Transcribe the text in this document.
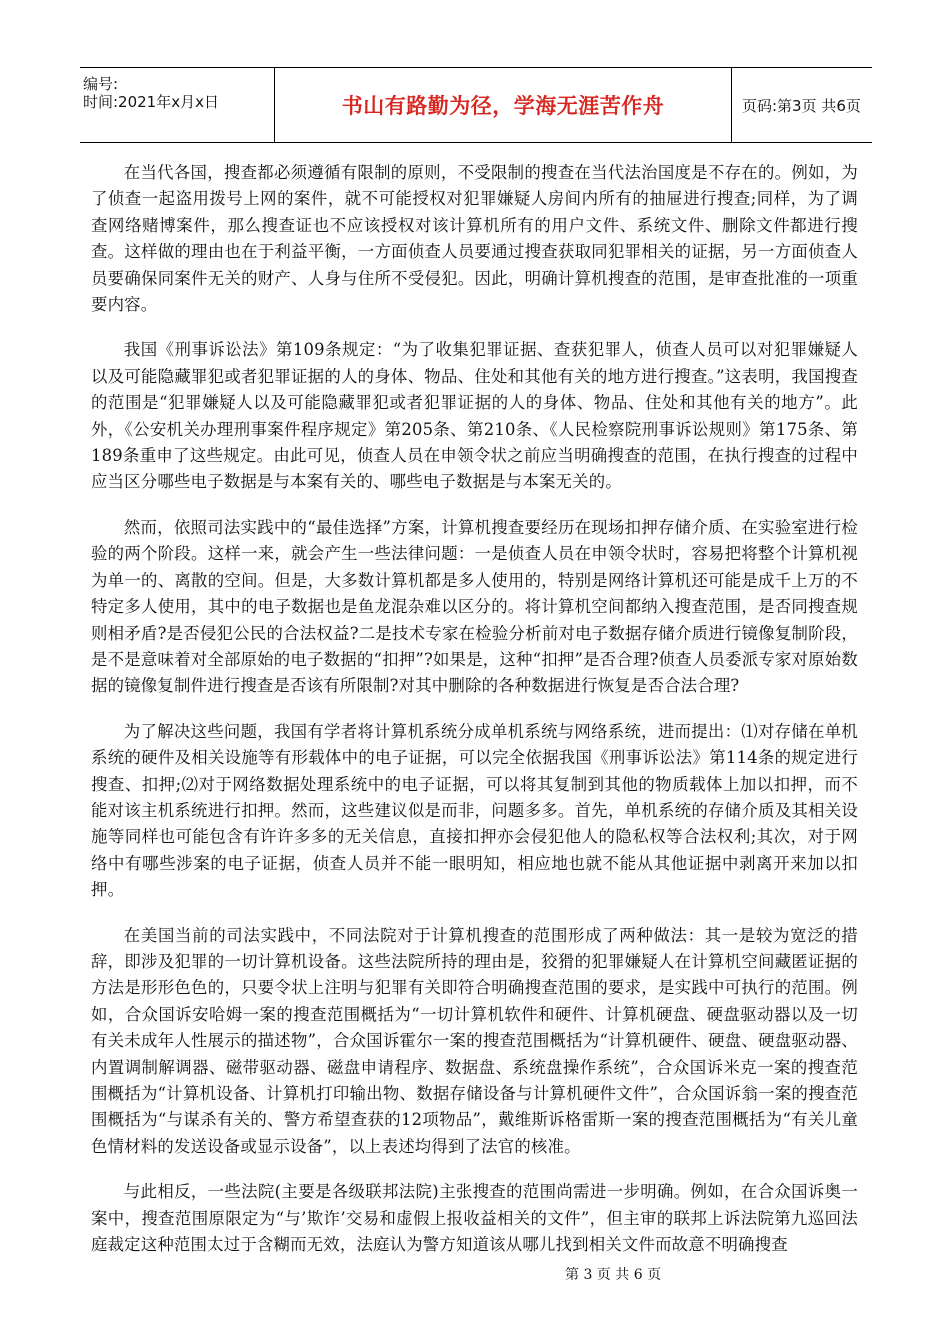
编号:
时间:2021年x月x日	书山有路勤为径，学海无涯苦作舟	页码:第3页 共6页

在当代各国，搜查都必须遵循有限制的原则，不受限制的搜查在当代法治国度是不存在的。例如，为了侦查一起盗用拨号上网的案件，就不可能授权对犯罪嫌疑人房间内所有的抽屉进行搜查;同样，为了调查网络赌博案件，那么搜查证也不应该授权对该计算机所有的用户文件、系统文件、删除文件都进行搜查。这样做的理由也在于利益平衡，一方面侦查人员要通过搜查获取同犯罪相关的证据，另一方面侦查人员要确保同案件无关的财产、人身与住所不受侵犯。因此，明确计算机搜查的范围，是审查批准的一项重要内容。

我国《刑事诉讼法》第109条规定：“为了收集犯罪证据、查获犯罪人，侦查人员可以对犯罪嫌疑人以及可能隐藏罪犯或者犯罪证据的人的身体、物品、住处和其他有关的地方进行搜查。”这表明，我国搜查的范围是“犯罪嫌疑人以及可能隐藏罪犯或者犯罪证据的人的身体、物品、住处和其他有关的地方”。此外，《公安机关办理刑事案件程序规定》第205条、第210条、《人民检察院刑事诉讼规则》第175条、第189条重申了这些规定。由此可见，侦查人员在申领令状之前应当明确搜查的范围，在执行搜查的过程中应当区分哪些电子数据是与本案有关的、哪些电子数据是与本案无关的。

然而，依照司法实践中的“最佳选择”方案，计算机搜查要经历在现场扣押存储介质、在实验室进行检验的两个阶段。这样一来，就会产生一些法律问题：一是侦查人员在申领令状时，容易把将整个计算机视为单一的、离散的空间。但是，大多数计算机都是多人使用的，特别是网络计算机还可能是成千上万的不特定多人使用，其中的电子数据也是鱼龙混杂难以区分的。将计算机空间都纳入搜查范围，是否同搜查规则相矛盾?是否侵犯公民的合法权益?二是技术专家在检验分析前对电子数据存储介质进行镜像复制阶段，是不是意味着对全部原始的电子数据的“扣押”?如果是，这种“扣押”是否合理?侦查人员委派专家对原始数据的镜像复制件进行搜查是否该有所限制?对其中删除的各种数据进行恢复是否合法合理?

为了解决这些问题，我国有学者将计算机系统分成单机系统与网络系统，进而提出：⑴对存储在单机系统的硬件及相关设施等有形载体中的电子证据，可以完全依据我国《刑事诉讼法》第114条的规定进行搜查、扣押;⑵对于网络数据处理系统中的电子证据，可以将其复制到其他的物质载体上加以扣押，而不能对该主机系统进行扣押。然而，这些建议似是而非，问题多多。首先，单机系统的存储介质及其相关设施等同样也可能包含有许许多多的无关信息，直接扣押亦会侵犯他人的隐私权等合法权利;其次，对于网络中有哪些涉案的电子证据，侦查人员并不能一眼明知，相应地也就不能从其他证据中剥离开来加以扣押。

在美国当前的司法实践中，不同法院对于计算机搜查的范围形成了两种做法：其一是较为宽泛的措辞，即涉及犯罪的一切计算机设备。这些法院所持的理由是，狡猾的犯罪嫌疑人在计算机空间藏匿证据的方法是形形色色的，只要令状上注明与犯罪有关即符合明确搜查范围的要求，是实践中可执行的范围。例如，合众国诉安哈姆一案的搜查范围概括为“一切计算机软件和硬件、计算机硬盘、硬盘驱动器以及一切有关未成年人性展示的描述物”，合众国诉霍尔一案的搜查范围概括为“计算机硬件、硬盘、硬盘驱动器、内置调制解调器、磁带驱动器、磁盘申请程序、数据盘、系统盘操作系统”，合众国诉米克一案的搜查范围概括为“计算机设备、计算机打印输出物、数据存储设备与计算机硬件文件”，合众国诉翁一案的搜查范围概括为“与谋杀有关的、警方希望查获的12项物品”，戴维斯诉格雷斯一案的搜查范围概括为“有关儿童色情材料的发送设备或显示设备”，以上表述均得到了法官的核准。

与此相反，一些法院(主要是各级联邦法院)主张搜查的范围尚需进一步明确。例如，在合众国诉奥一案中，搜查范围原限定为“与’欺诈’交易和虚假上报收益相关的文件”，但主审的联邦上诉法院第九巡回法庭裁定这种范围太过于含糊而无效，法庭认为警方知道该从哪儿找到相关文件而故意不明确搜查

第 3 页 共 6 页
